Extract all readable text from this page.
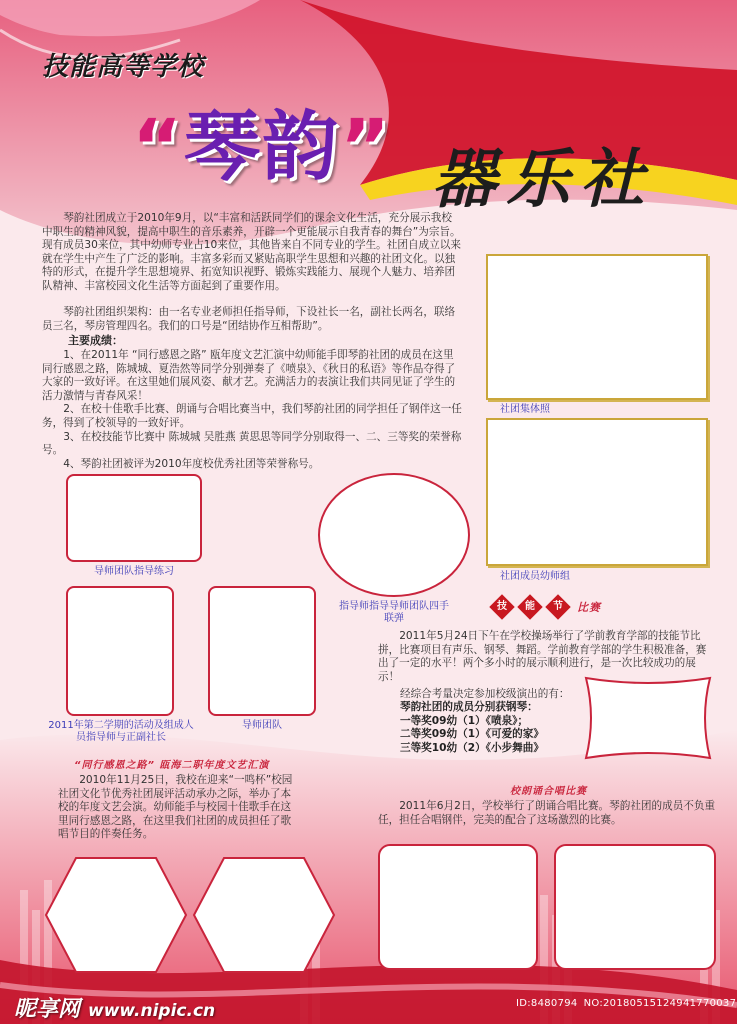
技能高等学校
“琴韵” 器乐社
琴韵社团成立于2010年9月，以“丰富和活跃同学们的课余文化生活，充分展示我校中职生的精神风貌，提高中职生的音乐素养，开辟一个更能展示自我青春的舞台”为宗旨。现有成员30来位，其中幼师专业占10来位，其他皆来自不同专业的学生。社团自成立以来就在学生中产生了广泛的影响。丰富多彩而又紧贴高职学生思想和兴趣的社团文化。以独特的形式，在提升学生思想境界、拓宽知识视野、锻炼实践能力、展现个人魅力、培养团队精神、丰富校园文化生活等方面起到了重要作用。
琴韵社团组织架构：由一名专业老师担任指导师，下设社长一名，副社长两名，联络员三名，琴房管理四名。我们的口号是“团结协作互相帮助”。
主要成绩：
1、在2011年 “同行感恩之路” 瓯年度文艺汇演中幼师能手即琴韵社团的成员在这里同行感恩之路，陈城城、夏浩然等同学分别弹奏了《喷泉》、《秋日的私语》等作品夺得了大家的一致好评。在这里她们展风姿、献才艺。充满活力的表演让我们共同见证了学生的活力激情与青春风采！
2、在校十佳歌手比赛、朗诵与合唱比赛当中，我们琴韵社团的同学担任了钢伴这一任务，得到了校领导的一致好评。
3、在校技能节比赛中 陈城城 吴胜燕 黄思思等同学分别取得一、二、三等奖的荣誉称号。
4、琴韵社团被评为2010年度校优秀社团等荣誉称号。
社团集体照
社团成员幼师组
导师团队指导练习
指导师指导导师团队四手联弹
2011年第二学期的活动及组成人员指导师与正副社长
导师团队
技	能	节	比赛
2011年5月24日下午在学校操场举行了学前教育学部的技能节比拼，比赛项目有声乐、钢琴、舞蹈。学前教育学部的学生积极准备，赛出了一定的水平！两个多小时的展示顺利进行，是一次比较成功的展示！
经综合考量决定参加校级演出的有：
琴韵社团的成员分别获钢琴：
一等奖09幼（1）《喷泉》；
二等奖09幼（1）《可爱的家》
三等奖10幼（2）《小步舞曲》
“同行感恩之路” 瓯海二职年度文艺汇演
2010年11月25日，我校在迎来“一鸣杯”校园社团文化节优秀社团展评活动承办之际，举办了本校的年度文艺会演。幼师能手与校园十佳歌手在这里同行感恩之路，在这里我们社团的成员担任了歌唱节目的伴奏任务。
校朗诵合唱比赛
2011年6月2日，学校举行了朗诵合唱比赛。琴韵社团的成员不负重任，担任合唱钢伴，完美的配合了这场激烈的比赛。
昵享网 www.nipic.cn	ID:8480794 NO:20180515124941770037
